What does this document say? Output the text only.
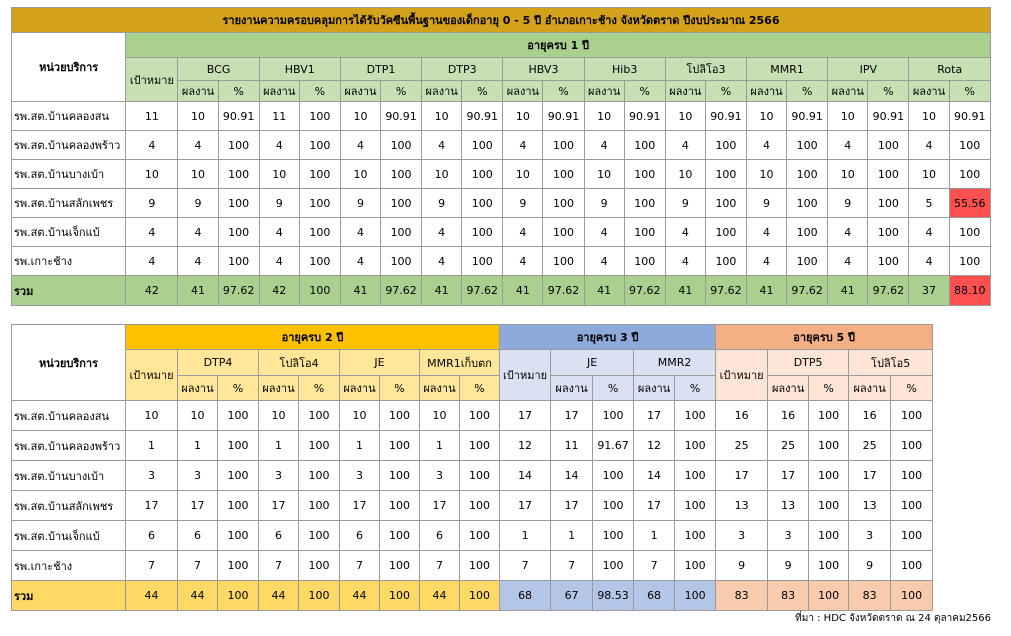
รายงานความครอบคลุมการได้รับวัคซีนพื้นฐานของเด็กอายุ 0 - 5 ปี อำเภอเกาะช้าง จังหวัดตราด ปีงบประมาณ 2566																					
หน่วยบริการ	อายุครบ 1 ปี																				
	เป้าหมาย	BCG		HBV1		DTP1		DTP3		HBV3		Hib3		โปลิโอ3		MMR1		IPV		Rota	
		ผลงาน	%	ผลงาน	%	ผลงาน	%	ผลงาน	%	ผลงาน	%	ผลงาน	%	ผลงาน	%	ผลงาน	%	ผลงาน	%	ผลงาน	%
รพ.สต.บ้านคลองสน	11	10	90.91	11	100	10	90.91	10	90.91	10	90.91	10	90.91	10	90.91	10	90.91	10	90.91	10	90.91
รพ.สต.บ้านคลองพร้าว	4	4	100	4	100	4	100	4	100	4	100	4	100	4	100	4	100	4	100	4	100
รพ.สต.บ้านบางเบ้า	10	10	100	10	100	10	100	10	100	10	100	10	100	10	100	10	100	10	100	10	100
รพ.สต.บ้านสลักเพชร	9	9	100	9	100	9	100	9	100	9	100	9	100	9	100	9	100	9	100	5	55.56
รพ.สต.บ้านเจ็กแบ้	4	4	100	4	100	4	100	4	100	4	100	4	100	4	100	4	100	4	100	4	100
รพ.เกาะช้าง	4	4	100	4	100	4	100	4	100	4	100	4	100	4	100	4	100	4	100	4	100
รวม	42	41	97.62	42	100	41	97.62	41	97.62	41	97.62	41	97.62	41	97.62	41	97.62	41	97.62	37	88.10
หน่วยบริการ	อายุครบ 2 ปี									อายุครบ 3 ปี					อายุครบ 5 ปี				
	เป้าหมาย	DTP4		โปลิโอ4		JE		MMR1เก็บตก		เป้าหมาย	JE		MMR2		เป้าหมาย	DTP5		โปลิโอ5	
		ผลงาน	%	ผลงาน	%	ผลงาน	%	ผลงาน	%		ผลงาน	%	ผลงาน	%		ผลงาน	%	ผลงาน	%
รพ.สต.บ้านคลองสน	10	10	100	10	100	10	100	10	100	17	17	100	17	100	16	16	100	16	100
รพ.สต.บ้านคลองพร้าว	1	1	100	1	100	1	100	1	100	12	11	91.67	12	100	25	25	100	25	100
รพ.สต.บ้านบางเบ้า	3	3	100	3	100	3	100	3	100	14	14	100	14	100	17	17	100	17	100
รพ.สต.บ้านสลักเพชร	17	17	100	17	100	17	100	17	100	17	17	100	17	100	13	13	100	13	100
รพ.สต.บ้านเจ็กแบ้	6	6	100	6	100	6	100	6	100	1	1	100	1	100	3	3	100	3	100
รพ.เกาะช้าง	7	7	100	7	100	7	100	7	100	7	7	100	7	100	9	9	100	9	100
รวม	44	44	100	44	100	44	100	44	100	68	67	98.53	68	100	83	83	100	83	100
ที่มา : HDC จังหวัดตราด ณ 24 ตุลาคม2566
